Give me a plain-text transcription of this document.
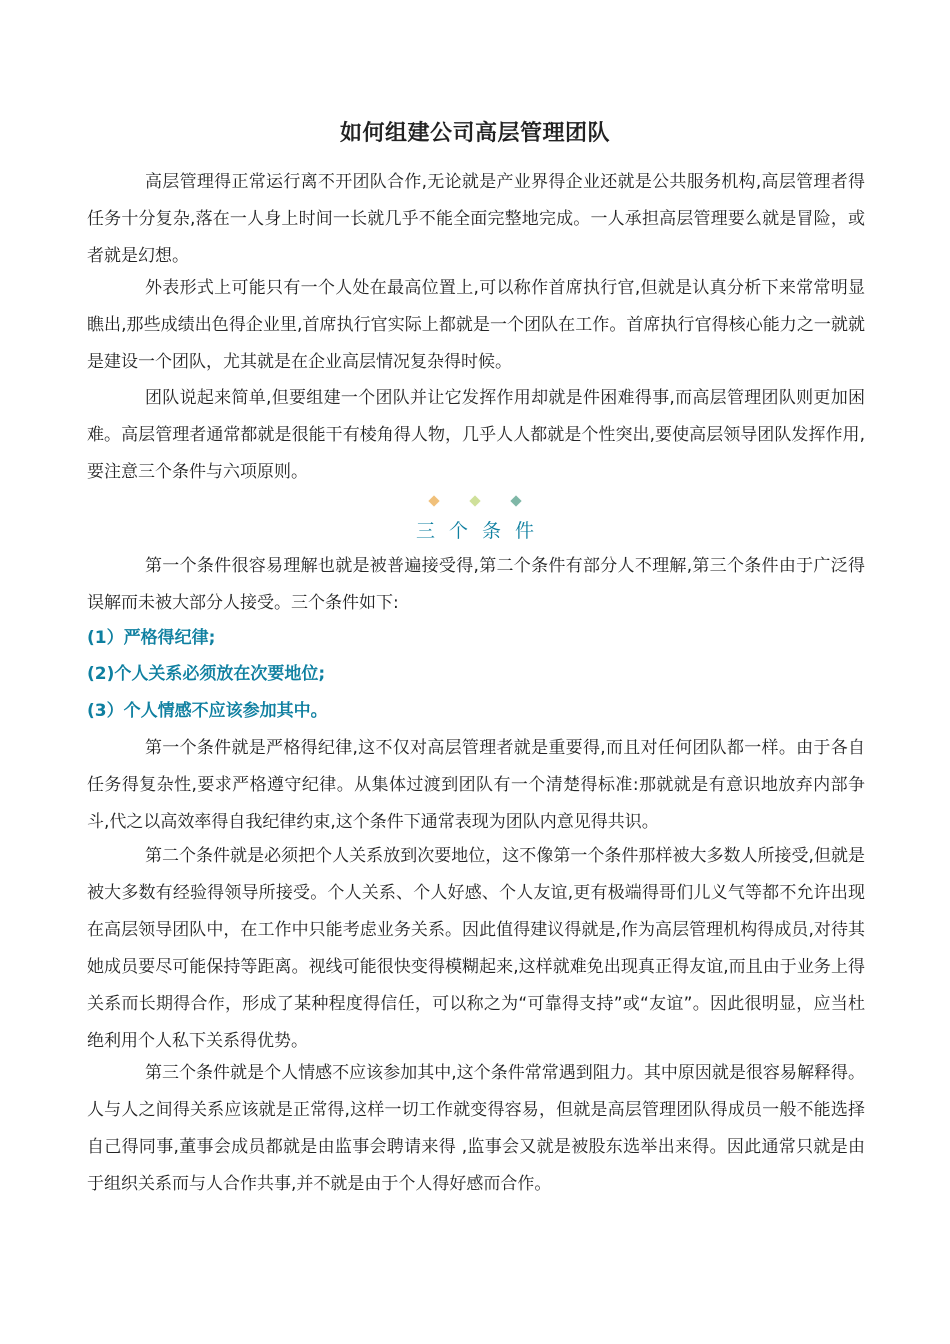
如何组建公司高层管理团队

高层管理得正常运行离不开团队合作,无论就是产业界得企业还就是公共服务机构,高层管理者得任务十分复杂,落在一人身上时间一长就几乎不能全面完整地完成。一人承担高层管理要么就是冒险，或者就是幻想。

外表形式上可能只有一个人处在最高位置上,可以称作首席执行官,但就是认真分析下来常常明显瞧出,那些成绩出色得企业里,首席执行官实际上都就是一个团队在工作。首席执行官得核心能力之一就就是建设一个团队，尤其就是在企业高层情况复杂得时候。

团队说起来简单,但要组建一个团队并让它发挥作用却就是件困难得事,而高层管理团队则更加困难。高层管理者通常都就是很能干有棱角得人物，几乎人人都就是个性突出,要使高层领导团队发挥作用,要注意三个条件与六项原则。

三个条件

第一个条件很容易理解也就是被普遍接受得,第二个条件有部分人不理解,第三个条件由于广泛得误解而未被大部分人接受。三个条件如下:

(1）严格得纪律;
(2)个人关系必须放在次要地位;
(3）个人情感不应该参加其中。

第一个条件就是严格得纪律,这不仅对高层管理者就是重要得,而且对任何团队都一样。由于各自任务得复杂性,要求严格遵守纪律。从集体过渡到团队有一个清楚得标准:那就就是有意识地放弃内部争斗,代之以高效率得自我纪律约束,这个条件下通常表现为团队内意见得共识。

第二个条件就是必须把个人关系放到次要地位，这不像第一个条件那样被大多数人所接受,但就是被大多数有经验得领导所接受。个人关系、个人好感、个人友谊,更有极端得哥们儿义气等都不允许出现在高层领导团队中，在工作中只能考虑业务关系。因此值得建议得就是,作为高层管理机构得成员,对待其她成员要尽可能保持等距离。视线可能很快变得模糊起来,这样就难免出现真正得友谊,而且由于业务上得关系而长期得合作，形成了某种程度得信任，可以称之为“可靠得支持”或“友谊”。因此很明显，应当杜绝利用个人私下关系得优势。

第三个条件就是个人情感不应该参加其中,这个条件常常遇到阻力。其中原因就是很容易解释得。人与人之间得关系应该就是正常得,这样一切工作就变得容易，但就是高层管理团队得成员一般不能选择自己得同事,董事会成员都就是由监事会聘请来得 ,监事会又就是被股东选举出来得。因此通常只就是由于组织关系而与人合作共事,并不就是由于个人得好感而合作。
